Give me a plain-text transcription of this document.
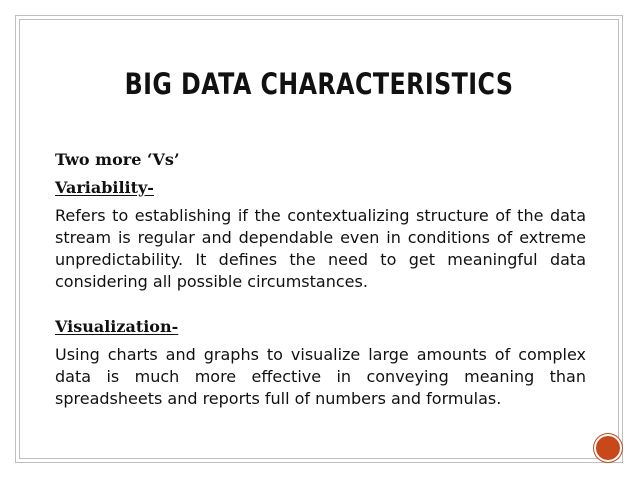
BIG DATA CHARACTERISTICS
Two more ‘Vs’
Variability-

Refers to establishing if the contextualizing structure of the data stream is regular and dependable even in conditions of extreme unpredictability. It defines the need to get meaningful data considering all possible circumstances.

Visualization-

Using charts and graphs to visualize large amounts of complex data is much more effective in conveying meaning than spreadsheets and reports full of numbers and formulas.
